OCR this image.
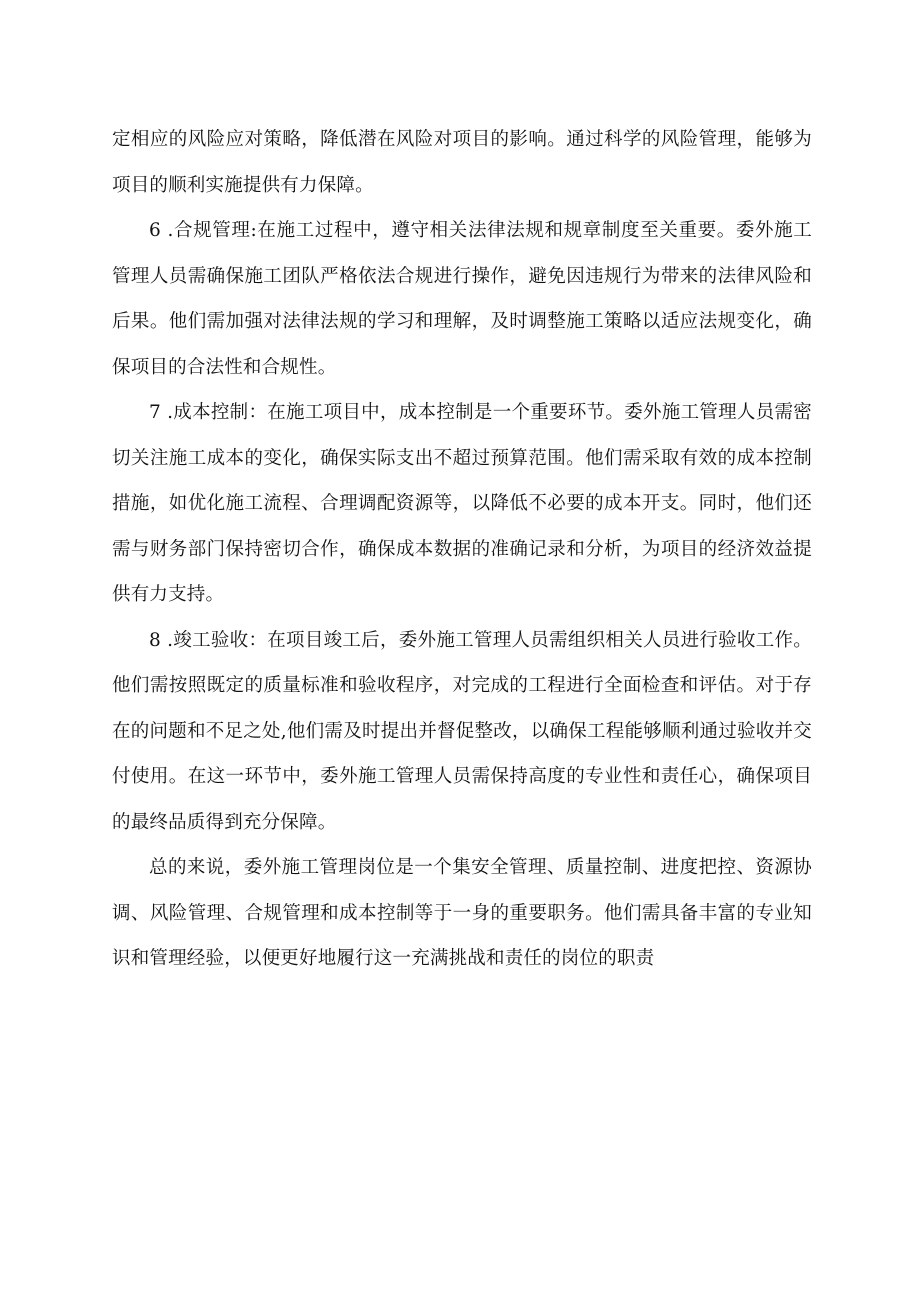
定相应的风险应对策略，降低潜在风险对项目的影响。通过科学的风险管理，能够为项目的顺利实施提供有力保障。

6 .合规管理:在施工过程中，遵守相关法律法规和规章制度至关重要。委外施工管理人员需确保施工团队严格依法合规进行操作，避免因违规行为带来的法律风险和后果。他们需加强对法律法规的学习和理解，及时调整施工策略以适应法规变化，确保项目的合法性和合规性。

7 .成本控制：在施工项目中，成本控制是一个重要环节。委外施工管理人员需密切关注施工成本的变化，确保实际支出不超过预算范围。他们需采取有效的成本控制措施，如优化施工流程、合理调配资源等，以降低不必要的成本开支。同时，他们还需与财务部门保持密切合作，确保成本数据的准确记录和分析，为项目的经济效益提供有力支持。

8 .竣工验收：在项目竣工后，委外施工管理人员需组织相关人员进行验收工作。他们需按照既定的质量标准和验收程序，对完成的工程进行全面检查和评估。对于存在的问题和不足之处,他们需及时提出并督促整改，以确保工程能够顺利通过验收并交付使用。在这一环节中，委外施工管理人员需保持高度的专业性和责任心，确保项目的最终品质得到充分保障。

总的来说，委外施工管理岗位是一个集安全管理、质量控制、进度把控、资源协调、风险管理、合规管理和成本控制等于一身的重要职务。他们需具备丰富的专业知识和管理经验，以便更好地履行这一充满挑战和责任的岗位的职责
